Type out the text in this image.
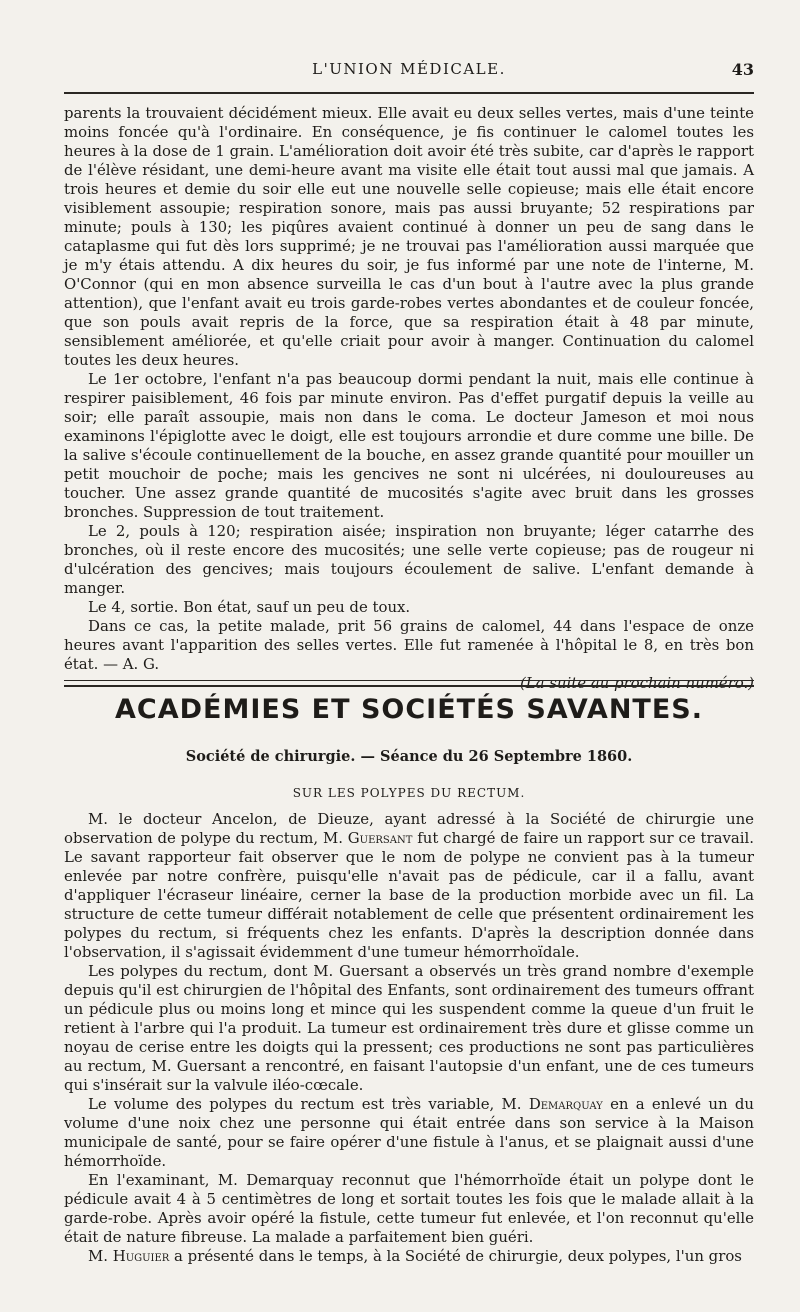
L'UNION MÉDICALE.	43

parents la trouvaient décidément mieux. Elle avait eu deux selles vertes, mais d'une teinte moins foncée qu'à l'ordinaire. En conséquence, je fis continuer le calomel toutes les heures à la dose de 1 grain. L'amélioration doit avoir été très subite, car d'après le rapport de l'élève résidant, une demi-heure avant ma visite elle était tout aussi mal que jamais. A trois heures et demie du soir elle eut une nouvelle selle copieuse; mais elle était encore visiblement assoupie; respiration sonore, mais pas aussi bruyante; 52 respirations par minute; pouls à 130; les piqûres avaient continué à donner un peu de sang dans le cataplasme qui fut dès lors supprimé; je ne trouvai pas l'amélioration aussi marquée que je m'y étais attendu. A dix heures du soir, je fus informé par une note de l'interne, M. O'Connor (qui en mon absence surveilla le cas d'un bout à l'autre avec la plus grande attention), que l'enfant avait eu trois garde-robes vertes abondantes et de couleur foncée, que son pouls avait repris de la force, que sa respiration était à 48 par minute, sensiblement améliorée, et qu'elle criait pour avoir à manger. Continuation du calomel toutes les deux heures.

Le 1er octobre, l'enfant n'a pas beaucoup dormi pendant la nuit, mais elle continue à respirer paisiblement, 46 fois par minute environ. Pas d'effet purgatif depuis la veille au soir; elle paraît assoupie, mais non dans le coma. Le docteur Jameson et moi nous examinons l'épiglotte avec le doigt, elle est toujours arrondie et dure comme une bille. De la salive s'écoule continuellement de la bouche, en assez grande quantité pour mouiller un petit mouchoir de poche; mais les gencives ne sont ni ulcérées, ni douloureuses au toucher. Une assez grande quantité de mucosités s'agite avec bruit dans les grosses bronches. Suppression de tout traitement.

Le 2, pouls à 120; respiration aisée; inspiration non bruyante; léger catarrhe des bronches, où il reste encore des mucosités; une selle verte copieuse; pas de rougeur ni d'ulcération des gencives; mais toujours écoulement de salive. L'enfant demande à manger.

Le 4, sortie. Bon état, sauf un peu de toux.

Dans ce cas, la petite malade, prit 56 grains de calomel, 44 dans l'espace de onze heures avant l'apparition des selles vertes. Elle fut ramenée à l'hôpital le 8, en très bon état. — A. G.

(La suite au prochain numéro.)

ACADÉMIES ET SOCIÉTÉS SAVANTES.
Société de chirurgie. — Séance du 26 Septembre 1860.
SUR LES POLYPES DU RECTUM.

M. le docteur Ancelon, de Dieuze, ayant adressé à la Société de chirurgie une observation de polype du rectum, M. Guersant fut chargé de faire un rapport sur ce travail. Le savant rapporteur fait observer que le nom de polype ne convient pas à la tumeur enlevée par notre confrère, puisqu'elle n'avait pas de pédicule, car il a fallu, avant d'appliquer l'écraseur linéaire, cerner la base de la production morbide avec un fil. La structure de cette tumeur différait notablement de celle que présentent ordinairement les polypes du rectum, si fréquents chez les enfants. D'après la description donnée dans l'observation, il s'agissait évidemment d'une tumeur hémorrhoïdale.

Les polypes du rectum, dont M. Guersant a observés un très grand nombre d'exemple depuis qu'il est chirurgien de l'hôpital des Enfants, sont ordinairement des tumeurs offrant un pédicule plus ou moins long et mince qui les suspendent comme la queue d'un fruit le retient à l'arbre qui l'a produit. La tumeur est ordinairement très dure et glisse comme un noyau de cerise entre les doigts qui la pressent; ces productions ne sont pas particulières au rectum, M. Guersant a rencontré, en faisant l'autopsie d'un enfant, une de ces tumeurs qui s'insérait sur la valvule iléo-cœcale.

Le volume des polypes du rectum est très variable, M. Demarquay en a enlevé un du volume d'une noix chez une personne qui était entrée dans son service à la Maison municipale de santé, pour se faire opérer d'une fistule à l'anus, et se plaignait aussi d'une hémorrhoïde.

En l'examinant, M. Demarquay reconnut que l'hémorrhoïde était un polype dont le pédicule avait 4 à 5 centimètres de long et sortait toutes les fois que le malade allait à la garde-robe. Après avoir opéré la fistule, cette tumeur fut enlevée, et l'on reconnut qu'elle était de nature fibreuse. La malade a parfaitement bien guéri.

M. Huguier a présenté dans le temps, à la Société de chirurgie, deux polypes, l'un gros
